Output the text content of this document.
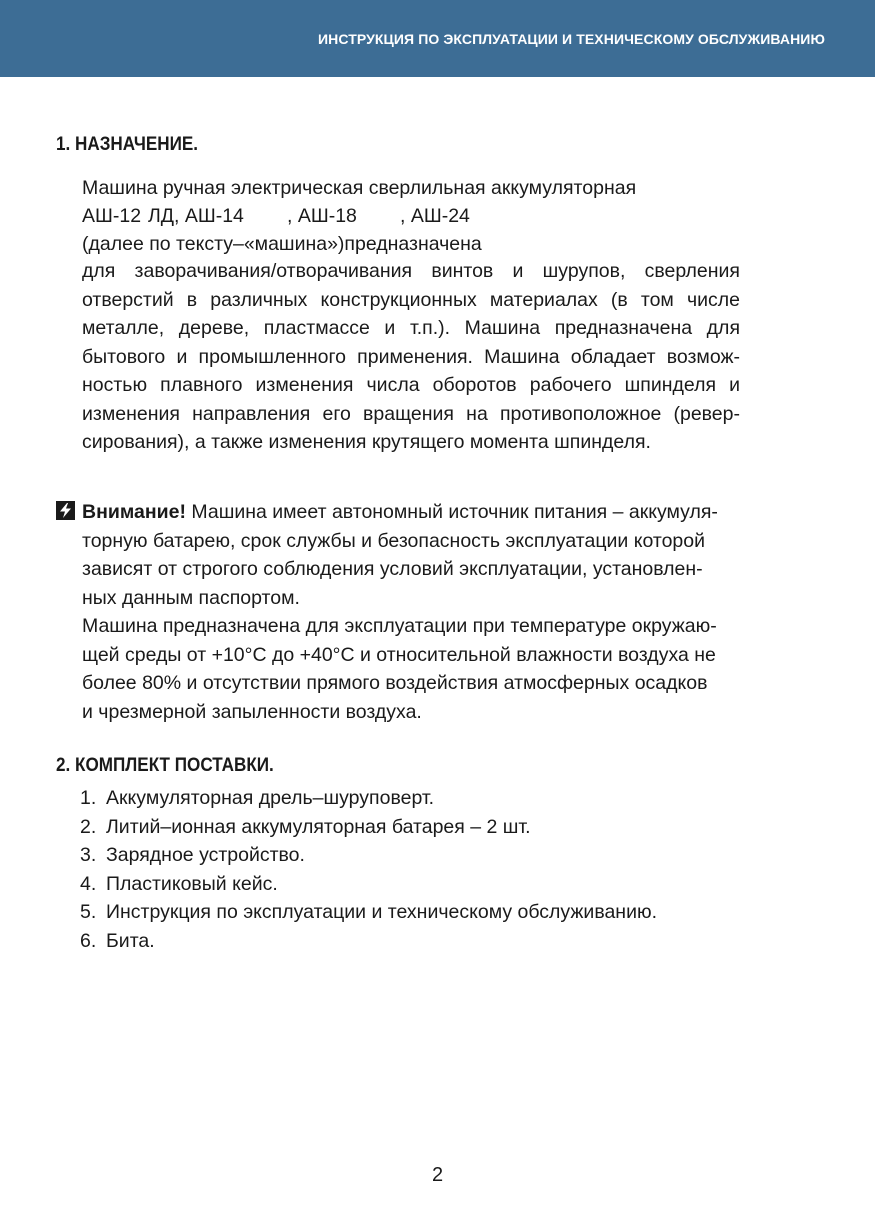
ИНСТРУКЦИЯ ПО ЭКСПЛУАТАЦИИ И ТЕХНИЧЕСКОМУ ОБСЛУЖИВАНИЮ
1. НАЗНАЧЕНИЕ.
Машина ручная электрическая сверлильная аккумуляторная
АШ-12 ЛД, АШ-14 , АШ-18 , АШ-24
(далее по тексту–«машина»)предназначена
для заворачивания/отворачивания винтов и шурупов, сверления
отверстий в различных конструкционных материалах (в том числе
металле, дереве, пластмассе и т.п.). Машина предназначена для
бытового и промышленного применения. Машина обладает возмож-
ностью плавного изменения числа оборотов рабочего шпинделя и
изменения направления его вращения на противоположное (ревер-
сирования), а также изменения крутящего момента шпинделя.
Внимание! Машина имеет автономный источник питания – аккумуля-
торную батарею, срок службы и безопасность эксплуатации которой
зависят от строгого соблюдения условий эксплуатации, установлен-
ных данным паспортом.
Машина предназначена для эксплуатации при температуре окружаю-
щей среды от +10°С до +40°С и относительной влажности воздуха не
более 80% и отсутствии прямого воздействия атмосферных осадков
и чрезмерной запыленности воздуха.
2. КОМПЛЕКТ ПОСТАВКИ.
1. Аккумуляторная дрель–шуруповерт.
2. Литий–ионная аккумуляторная батарея – 2 шт.
3. Зарядное устройство.
4. Пластиковый кейс.
5. Инструкция по эксплуатации и техническому обслуживанию.
6. Бита.
2
